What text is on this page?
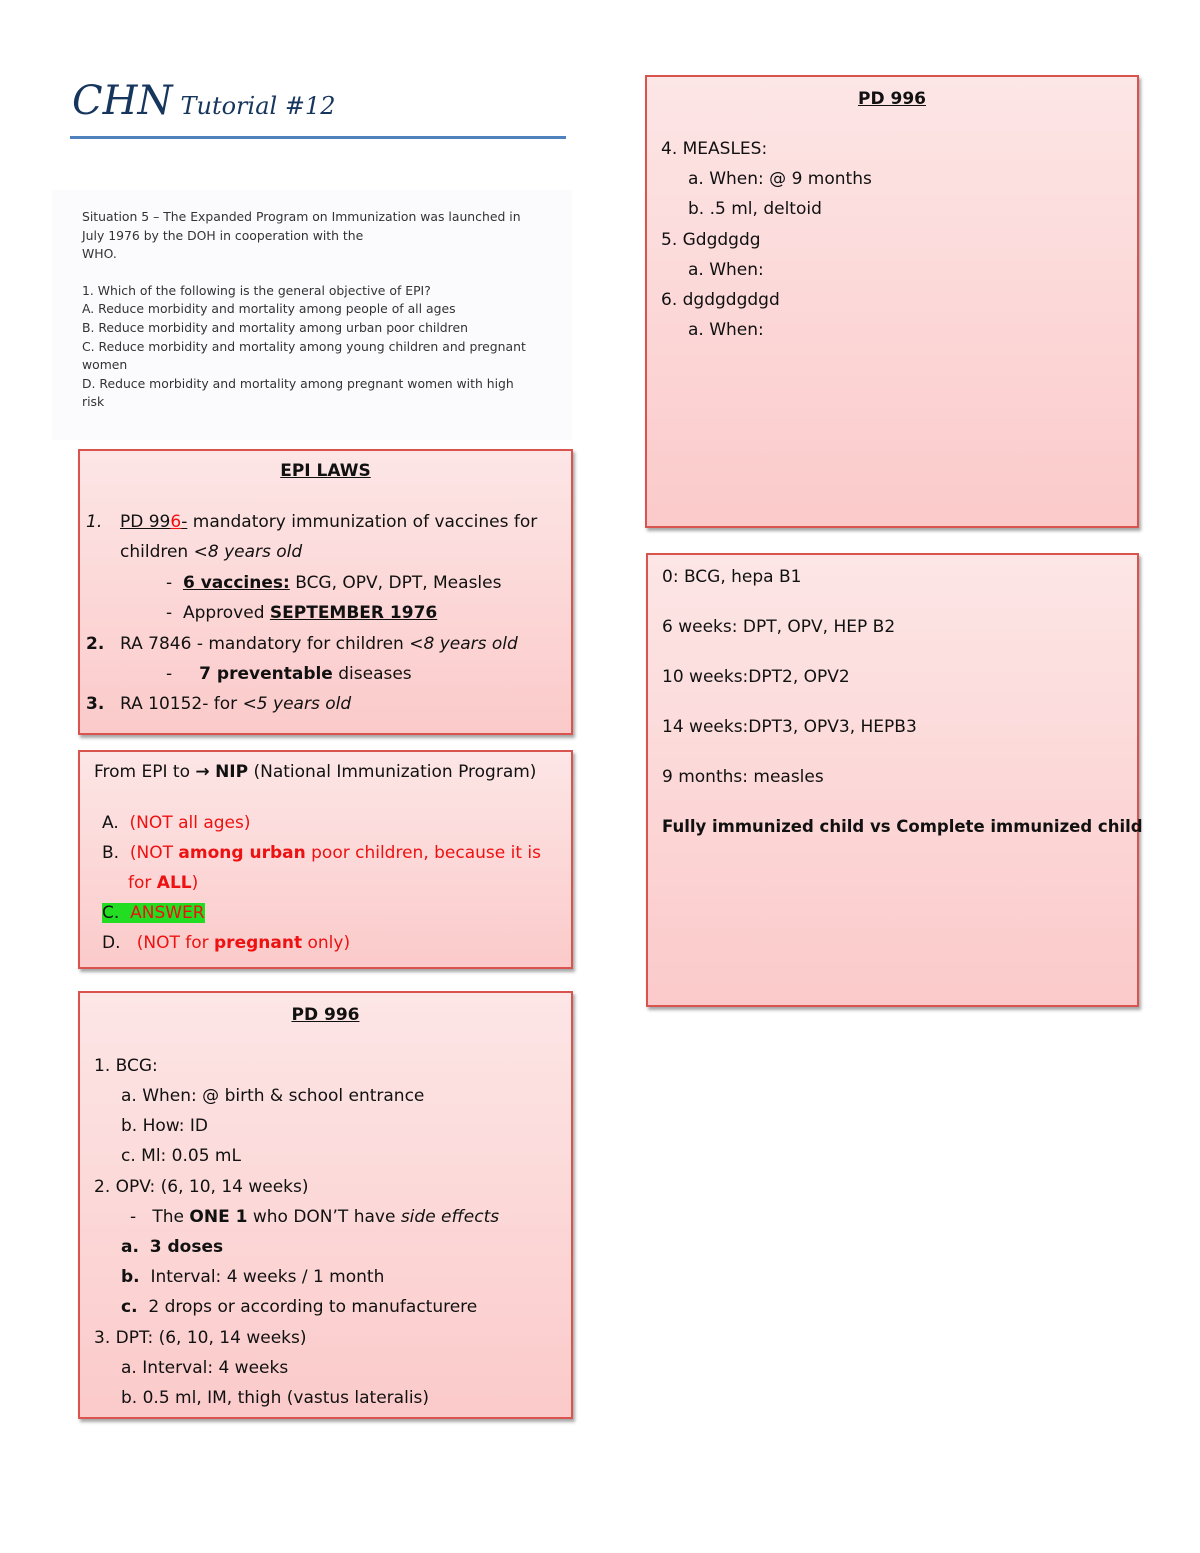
CHN Tutorial #12

Situation 5 – The Expanded Program on Immunization was launched in

July 1976 by the DOH in cooperation with the

WHO.

1. Which of the following is the general objective of EPI?

A. Reduce morbidity and mortality among people of all ages

B. Reduce morbidity and mortality among urban poor children

C. Reduce morbidity and mortality among young children and pregnant

women

D. Reduce morbidity and mortality among pregnant women with high

risk

EPI LAWS
1. PD 996- mandatory immunization of vaccines for
children <8 years old
- 6 vaccines: BCG, OPV, DPT, Measles
- Approved SEPTEMBER 1976
2. RA 7846 - mandatory for children <8 years old
- 7 preventable diseases
3. RA 10152- for <5 years old
From EPI to → NIP (National Immunization Program)
A. (NOT all ages)
B. (NOT among urban poor children, because it is
for ALL)
C. ANSWER
D. (NOT for pregnant only)
PD 996
1. BCG:
a. When: @ birth & school entrance
b. How: ID
c. Ml: 0.05 mL
2. OPV: (6, 10, 14 weeks)
- The ONE 1 who DON’T have side effects
a. 3 doses
b. Interval: 4 weeks / 1 month
c. 2 drops or according to manufacturere
3. DPT: (6, 10, 14 weeks)
a. Interval: 4 weeks
b. 0.5 ml, IM, thigh (vastus lateralis)
PD 996
4. MEASLES:
a. When: @ 9 months
b. .5 ml, deltoid
5. Gdgdgdg
a. When:
6. dgdgdgdgd
a. When:
0: BCG, hepa B1
6 weeks: DPT, OPV, HEP B2
10 weeks:DPT2, OPV2
14 weeks:DPT3, OPV3, HEPB3
9 months: measles
Fully immunized child vs Complete immunized child
